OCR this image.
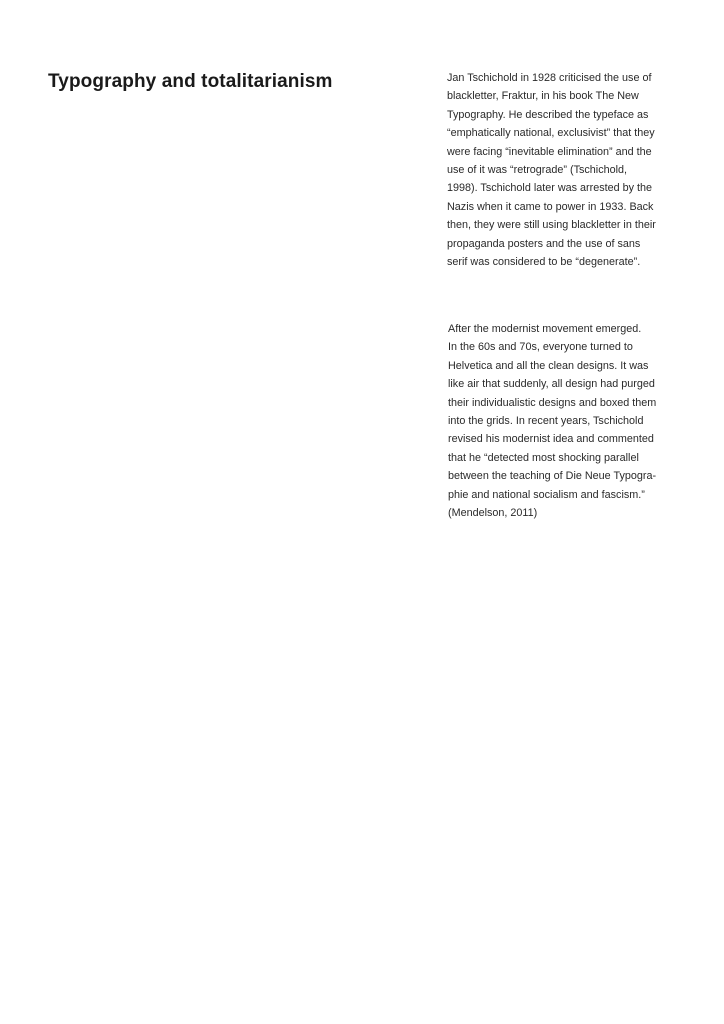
Typography and totalitarianism	Jan Tschichold in 1928 criticised the use of
blackletter, Fraktur, in his book The New
Typography. He described the typeface as
“emphatically national, exclusivist” that they
were facing “inevitable elimination” and the
use of it was “retrograde” (Tschichold,
1998). Tschichold later was arrested by the
Nazis when it came to power in 1933. Back
then, they were still using blackletter in their
propaganda posters and the use of sans
serif was considered to be “degenerate”.
After the modernist movement emerged.
In the 60s and 70s, everyone turned to
Helvetica and all the clean designs. It was
like air that suddenly, all design had purged
their individualistic designs and boxed them
into the grids. In recent years, Tschichold
revised his modernist idea and commented
that he “detected most shocking parallel
between the teaching of Die Neue Typogra-
phie and national socialism and fascism.”
(Mendelson, 2011)
